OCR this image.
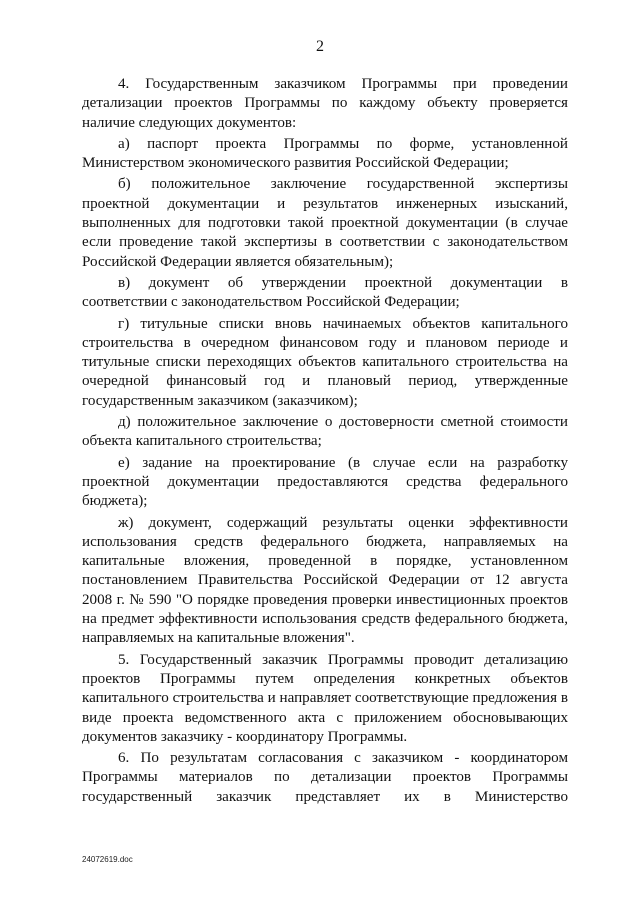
2
4. Государственным заказчиком Программы при проведении
детализации проектов Программы по каждому объекту проверяется
наличие следующих документов:
а) паспорт проекта Программы по форме, установленной
Министерством экономического развития Российской Федерации;
б) положительное заключение государственной экспертизы
проектной документации и результатов инженерных изысканий,
выполненных для подготовки такой проектной документации (в случае
если проведение такой экспертизы в соответствии с законодательством
Российской Федерации является обязательным);
в) документ об утверждении проектной документации в
соответствии с законодательством Российской Федерации;
г) титульные списки вновь начинаемых объектов капитального
строительства в очередном финансовом году и плановом периоде и
титульные списки переходящих объектов капитального строительства на
очередной финансовый год и плановый период, утвержденные
государственным заказчиком (заказчиком);
д) положительное заключение о достоверности сметной стоимости
объекта капитального строительства;
е) задание на проектирование (в случае если на разработку
проектной документации предоставляются средства федерального
бюджета);
ж) документ, содержащий результаты оценки эффективности
использования средств федерального бюджета, направляемых на
капитальные вложения, проведенной в порядке, установленном
постановлением Правительства Российской Федерации от 12 августа
2008 г. № 590 "О порядке проведения проверки инвестиционных проектов
на предмет эффективности использования средств федерального бюджета,
направляемых на капитальные вложения".
5. Государственный заказчик Программы проводит детализацию
проектов Программы путем определения конкретных объектов
капитального строительства и направляет соответствующие предложения в
виде проекта ведомственного акта с приложением обосновывающих
документов заказчику - координатору Программы.
6. По результатам согласования с заказчиком - координатором
Программы материалов по детализации проектов Программы
государственный заказчик представляет их в Министерство
24072619.doc
